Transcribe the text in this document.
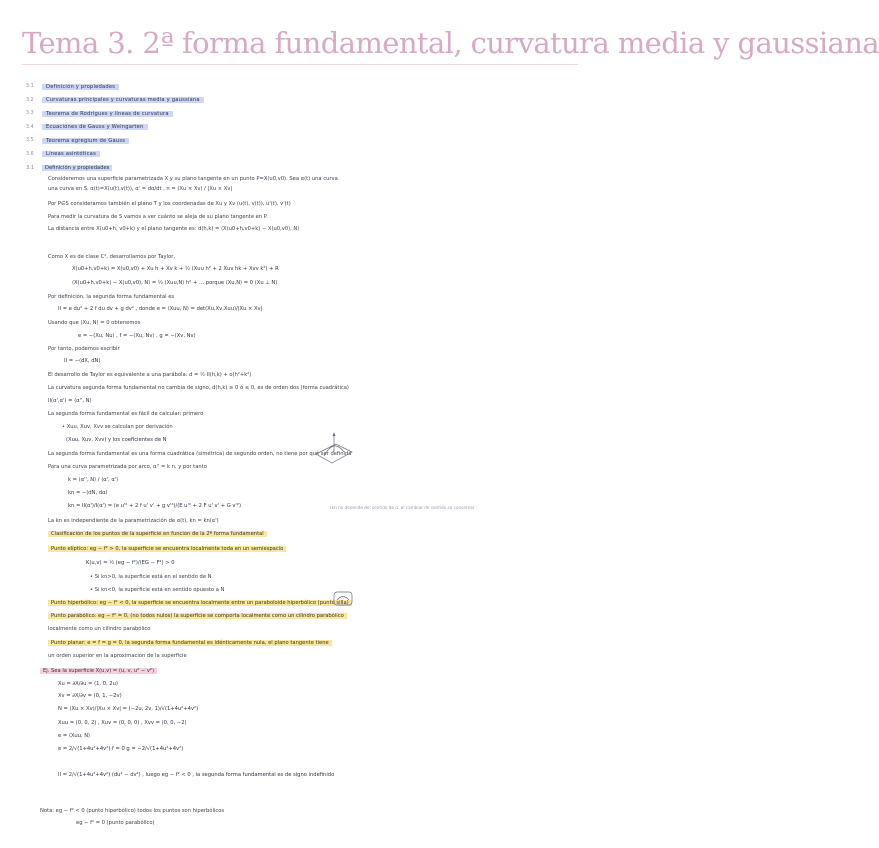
Tema 3. 2ª forma fundamental, curvatura media y gaussiana
3.1	Definición y propiedades
3.2	Curvaturas principales y curvaturas media y gaussiana
3.3	Teorema de Rodrigues y líneas de curvatura
3.4	Ecuaciones de Gauss y Weingarten
3.5	Teorema egregium de Gauss
3.6	Líneas asintóticas
3.1	Definición y propiedades
Consideremos una superficie parametrizada X y su plano tangente en un punto P=X(u0,v0). Sea α(t) una curva
una curva en S, α(t)=X(u(t),v(t)), α' = dα/dt , n = (Xu × Xv) / |Xu × Xv|
Por P∈S consideramos también el plano T y los coordenadas de Xu y Xv (u(t), v(t)), u'(t), v'(t)
Para medir la curvatura de S vamos a ver cuánto se aleja de su plano tangente en P.
La distancia entre X(u0+h, v0+k) y el plano tangente es: d(h,k) = ⟨X(u0+h,v0+k) − X(u0,v0), N⟩
Como X es de clase C², desarrollamos por Taylor,
X(u0+h,v0+k) = X(u0,v0) + Xu h + Xv k + ½ (Xuu h² + 2 Xuv hk + Xvv k²) + R
⟨X(u0+h,v0+k) − X(u0,v0), N⟩ = ½ ⟨Xuu,N⟩ h² + … porque ⟨Xu,N⟩ = 0 (Xu ⊥ N)
Por definición, la segunda forma fundamental es
II = e du² + 2 f du dv + g dv² , donde e = ⟨Xuu, N⟩ = det(Xu,Xv,Xuu)/|Xu × Xv|
Usando que ⟨Xu, N⟩ = 0 obtenemos
e = −⟨Xu, Nu⟩ , f = −⟨Xu, Nv⟩ , g = −⟨Xv, Nv⟩
Por tanto, podemos escribir
II = −⟨dX, dN⟩
El desarrollo de Taylor es equivalente a una parábola: d = ½ II(h,k) + o(h²+k²)
La curvatura segunda forma fundamental no cambia de signo, d(h,k) ≥ 0 ó ≤ 0, es de orden dos (forma cuadrática)
II(α',α') = ⟨α'', N⟩
La segunda forma fundamental es fácil de calcular: primero
• Xuu, Xuv, Xvv se calculan por derivación
(Xuu, Xuv, Xvv) y los coeficientes de N
La segunda forma fundamental es una forma cuadrática (simétrica) de segundo orden, no tiene por qué ser definida
Para una curva parametrizada por arco, α'' = k n, y por tanto
k = ⟨α'', N⟩ / ⟨α', α'⟩
kn = −⟨dN, dα⟩
kn = II(α')/I(α') = (e u'² + 2 f u' v' + g v'²)/(E u'² + 2 F u' v' + G v'²)	(kn no depende del sentido de α, al cambiar de sentido se conserva)
La kn es independiente de la parametrización de α(t), kn = kn(α')
Clasificación de los puntos de la superficie en función de la 2ª forma fundamental
Punto elíptico: eg − f² > 0, la superficie se encuentra localmente toda en un semiespacio
K(u,v) = ½ (eg − f²)/(EG − F²) > 0
• Si kn>0, la superficie está en el sentido de N
• Si kn<0, la superficie está en sentido opuesto a N
Punto hiperbólico: eg − f² < 0, la superficie se encuentra localmente entre un paraboloide hiperbólico (punto silla)
Punto parabólico: eg − f² = 0, (no todos nulos) la superficie se comporta localmente como un cilindro parabólico
localmente como un cilindro parabólico
Punto planar: e = f = g = 0, la segunda forma fundamental es idénticamente nula, el plano tangente tiene
un orden superior en la aproximación de la superficie
Ej. Sea la superficie X(u,v) = (u, v, u² − v²)
Xu = ∂X/∂u = (1, 0, 2u)
Xv = ∂X/∂v = (0, 1, −2v)
N = (Xu × Xv)/|Xu × Xv| = (−2u, 2v, 1)/√(1+4u²+4v²)
Xuu = (0, 0, 2) , Xuv = (0, 0, 0) , Xvv = (0, 0, −2)
e = ⟨Xuu, N⟩
e = 2/√(1+4u²+4v²) f = 0 g = −2/√(1+4u²+4v²)
II = 2/√(1+4u²+4v²) (du² − dv²) , luego eg − f² < 0 , la segunda forma fundamental es de signo indefinido
Nota: eg − f² < 0 (punto hiperbólico) todos los puntos son hiperbólicos
eg − f² = 0 (punto parabólico)
